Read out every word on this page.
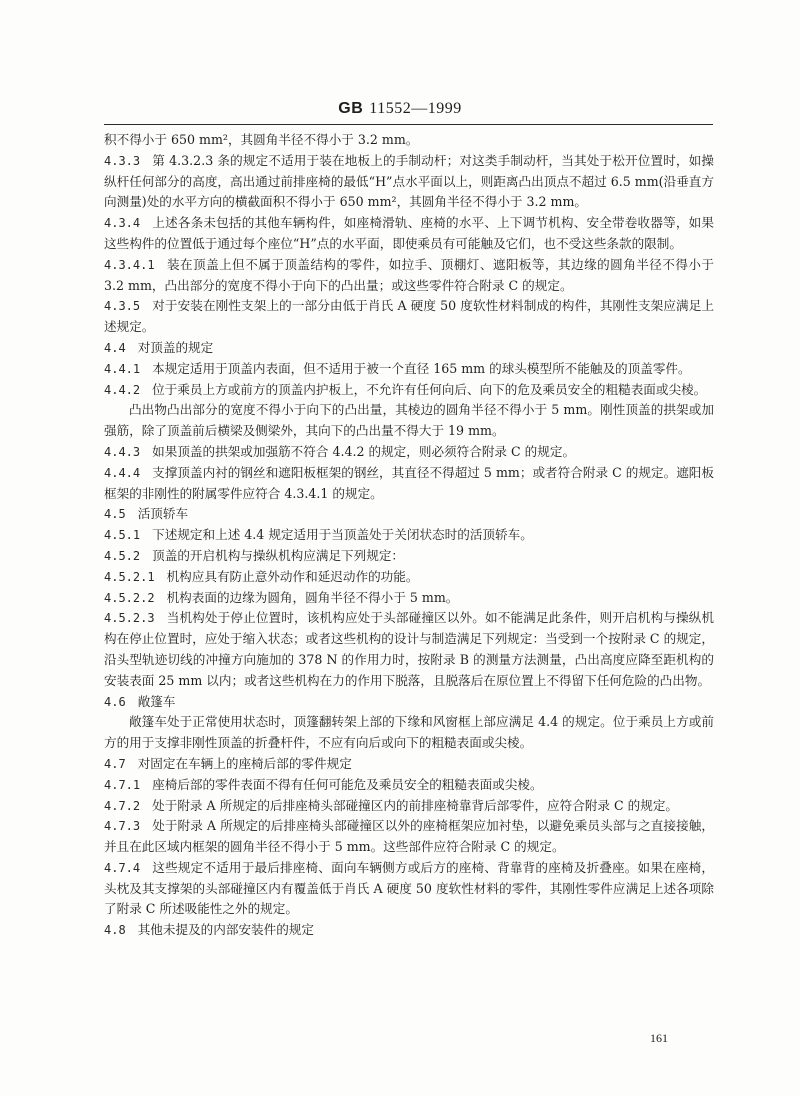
GB 11552—1999

积不得小于 650 mm²，其圆角半径不得小于 3.2 mm。

4.3.3 第 4.3.2.3 条的规定不适用于装在地板上的手制动杆；对这类手制动杆，当其处于松开位置时，如操纵杆任何部分的高度，高出通过前排座椅的最低“H”点水平面以上，则距离凸出顶点不超过 6.5 mm(沿垂直方向测量)处的水平方向的横截面积不得小于 650 mm²，其圆角半径不得小于 3.2 mm。

4.3.4 上述各条未包括的其他车辆构件，如座椅滑轨、座椅的水平、上下调节机构、安全带卷收器等，如果这些构件的位置低于通过每个座位“H”点的水平面，即使乘员有可能触及它们，也不受这些条款的限制。

4.3.4.1 装在顶盖上但不属于顶盖结构的零件，如拉手、顶棚灯、遮阳板等，其边缘的圆角半径不得小于 3.2 mm，凸出部分的宽度不得小于向下的凸出量；或这些零件符合附录 C 的规定。

4.3.5 对于安装在刚性支架上的一部分由低于肖氏 A 硬度 50 度软性材料制成的构件，其刚性支架应满足上述规定。

4.4 对顶盖的规定

4.4.1 本规定适用于顶盖内表面，但不适用于被一个直径 165 mm 的球头模型所不能触及的顶盖零件。

4.4.2 位于乘员上方或前方的顶盖内护板上，不允许有任何向后、向下的危及乘员安全的粗糙表面或尖棱。

凸出物凸出部分的宽度不得小于向下的凸出量，其棱边的圆角半径不得小于 5 mm。刚性顶盖的拱架或加强筋，除了顶盖前后横梁及侧梁外，其向下的凸出量不得大于 19 mm。

4.4.3 如果顶盖的拱架或加强筋不符合 4.4.2 的规定，则必须符合附录 C 的规定。

4.4.4 支撑顶盖内衬的钢丝和遮阳板框架的钢丝，其直径不得超过 5 mm；或者符合附录 C 的规定。遮阳板框架的非刚性的附属零件应符合 4.3.4.1 的规定。

4.5 活顶轿车

4.5.1 下述规定和上述 4.4 规定适用于当顶盖处于关闭状态时的活顶轿车。

4.5.2 顶盖的开启机构与操纵机构应满足下列规定：

4.5.2.1 机构应具有防止意外动作和延迟动作的功能。

4.5.2.2 机构表面的边缘为圆角，圆角半径不得小于 5 mm。

4.5.2.3 当机构处于停止位置时，该机构应处于头部碰撞区以外。如不能满足此条件，则开启机构与操纵机构在停止位置时，应处于缩入状态；或者这些机构的设计与制造满足下列规定：当受到一个按附录 C 的规定，沿头型轨迹切线的冲撞方向施加的 378 N 的作用力时，按附录 B 的测量方法测量，凸出高度应降至距机构的安装表面 25 mm 以内；或者这些机构在力的作用下脱落，且脱落后在原位置上不得留下任何危险的凸出物。

4.6 敞篷车

敞篷车处于正常使用状态时，顶篷翻转架上部的下缘和风窗框上部应满足 4.4 的规定。位于乘员上方或前方的用于支撑非刚性顶盖的折叠杆件，不应有向后或向下的粗糙表面或尖棱。

4.7 对固定在车辆上的座椅后部的零件规定

4.7.1 座椅后部的零件表面不得有任何可能危及乘员安全的粗糙表面或尖棱。

4.7.2 处于附录 A 所规定的后排座椅头部碰撞区内的前排座椅靠背后部零件，应符合附录 C 的规定。

4.7.3 处于附录 A 所规定的后排座椅头部碰撞区以外的座椅框架应加衬垫，以避免乘员头部与之直接接触，并且在此区域内框架的圆角半径不得小于 5 mm。这些部件应符合附录 C 的规定。

4.7.4 这些规定不适用于最后排座椅、面向车辆侧方或后方的座椅、背靠背的座椅及折叠座。如果在座椅，头枕及其支撑架的头部碰撞区内有覆盖低于肖氏 A 硬度 50 度软性材料的零件，其刚性零件应满足上述各项除了附录 C 所述吸能性之外的规定。

4.8 其他未提及的内部安装件的规定

161
